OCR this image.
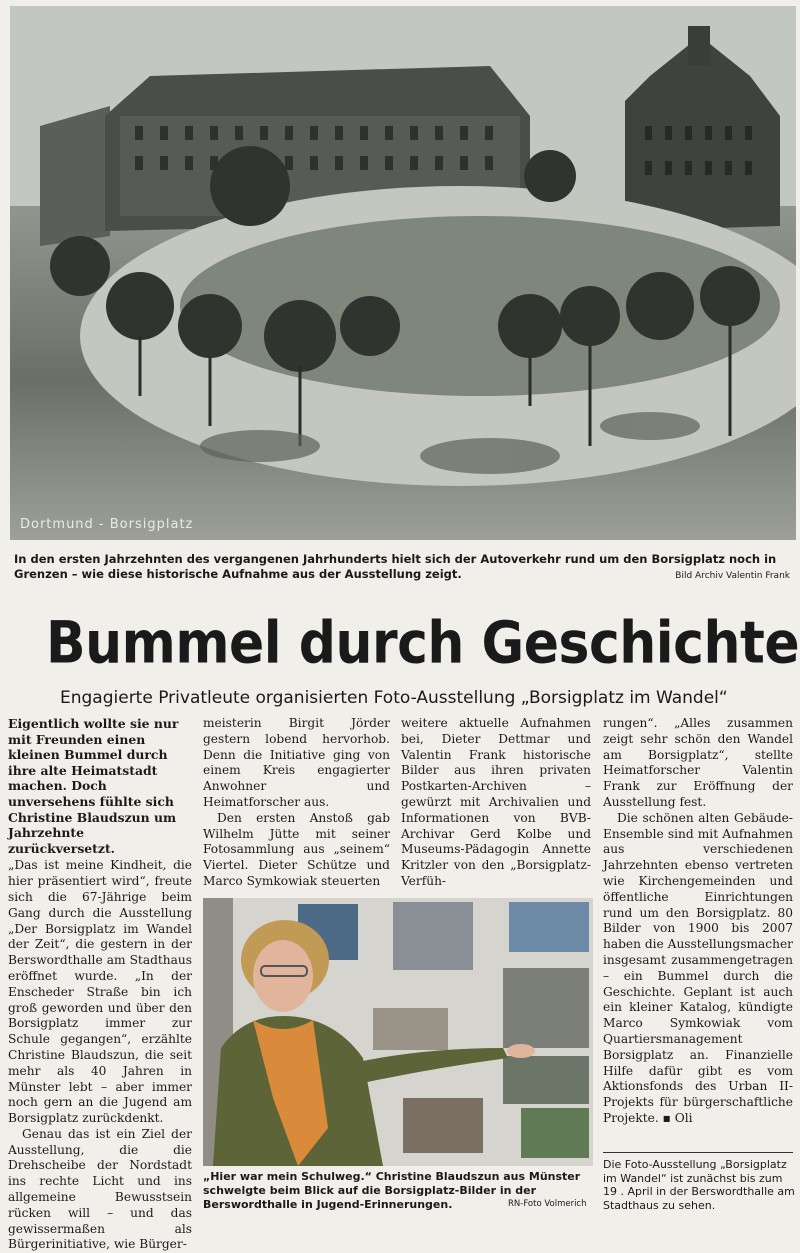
Dortmund - Borsigplatz
In den ersten Jahrzehnten des vergangenen Jahrhunderts hielt sich der Autoverkehr rund um den Borsigplatz noch in Grenzen – wie diese historische Aufnahme aus der Ausstellung zeigt.	Bild Archiv Valentin Frank
Bummel durch Geschichte
Engagierte Privatleute organisierten Foto-Ausstellung „Borsigplatz im Wandel“

Eigentlich wollte sie nur mit Freunden einen kleinen Bummel durch ihre alte Heimatstadt machen. Doch unversehens fühlte sich Christine Blaudszun um Jahrzehnte zurückversetzt.

„Das ist meine Kindheit, die hier präsentiert wird“, freute sich die 67-Jährige beim Gang durch die Ausstellung „Der Borsigplatz im Wandel der Zeit“, die gestern in der Berswordthalle am Stadthaus eröffnet wurde. „In der Enscheder Straße bin ich groß geworden und über den Borsigplatz immer zur Schule gegangen“, erzählte Christine Blaudszun, die seit mehr als 40 Jahren in Münster lebt – aber immer noch gern an die Jugend am Borsigplatz zurückdenkt.

Genau das ist ein Ziel der Ausstellung, die die Drehscheibe der Nordstadt ins rechte Licht und ins allgemeine Bewusstsein rücken will – und das gewissermaßen als Bürgerinitiative, wie Bürger-

meisterin Birgit Jörder gestern lobend hervorhob. Denn die Initiative ging von einem Kreis engagierter Anwohner und Heimatforscher aus.

Den ersten Anstoß gab Wilhelm Jütte mit seiner Fotosammlung aus „seinem“ Viertel. Dieter Schütze und Marco Symkowiak steuerten

weitere aktuelle Aufnahmen bei, Dieter Dettmar und Valentin Frank historische Bilder aus ihren privaten Postkarten-Archiven – gewürzt mit Archivalien und Informationen von BVB-Archivar Gerd Kolbe und Museums-Pädagogin Annette Kritzler von den „Borsigplatz-Verfüh-

rungen“. „Alles zusammen zeigt sehr schön den Wandel am Borsigplatz“, stellte Heimatforscher Valentin Frank zur Eröffnung der Ausstellung fest.

Die schönen alten Gebäude-Ensemble sind mit Aufnahmen aus verschiedenen Jahrzehnten ebenso vertreten wie Kirchengemeinden und öffentliche Einrichtungen rund um den Borsigplatz. 80 Bilder von 1900 bis 2007 haben die Ausstellungsmacher insgesamt zusammengetragen – ein Bummel durch die Geschichte. Geplant ist auch ein kleiner Katalog, kündigte Marco Symkowiak vom Quartiersmanagement Borsigplatz an. Finanzielle Hilfe dafür gibt es vom Aktionsfonds des Urban II-Projekts für bürgerschaftliche Projekte. ▪ Oli

„Hier war mein Schulweg.“ Christine Blaudszun aus Münster schwelgte beim Blick auf die Borsigplatz-Bilder in der Berswordthalle in Jugend-Erinnerungen.	RN-Foto Volmerich
Die Foto-Ausstellung „Borsigplatz im Wandel“ ist zunächst bis zum 19 . April in der Berswordthalle am Stadthaus zu sehen.
